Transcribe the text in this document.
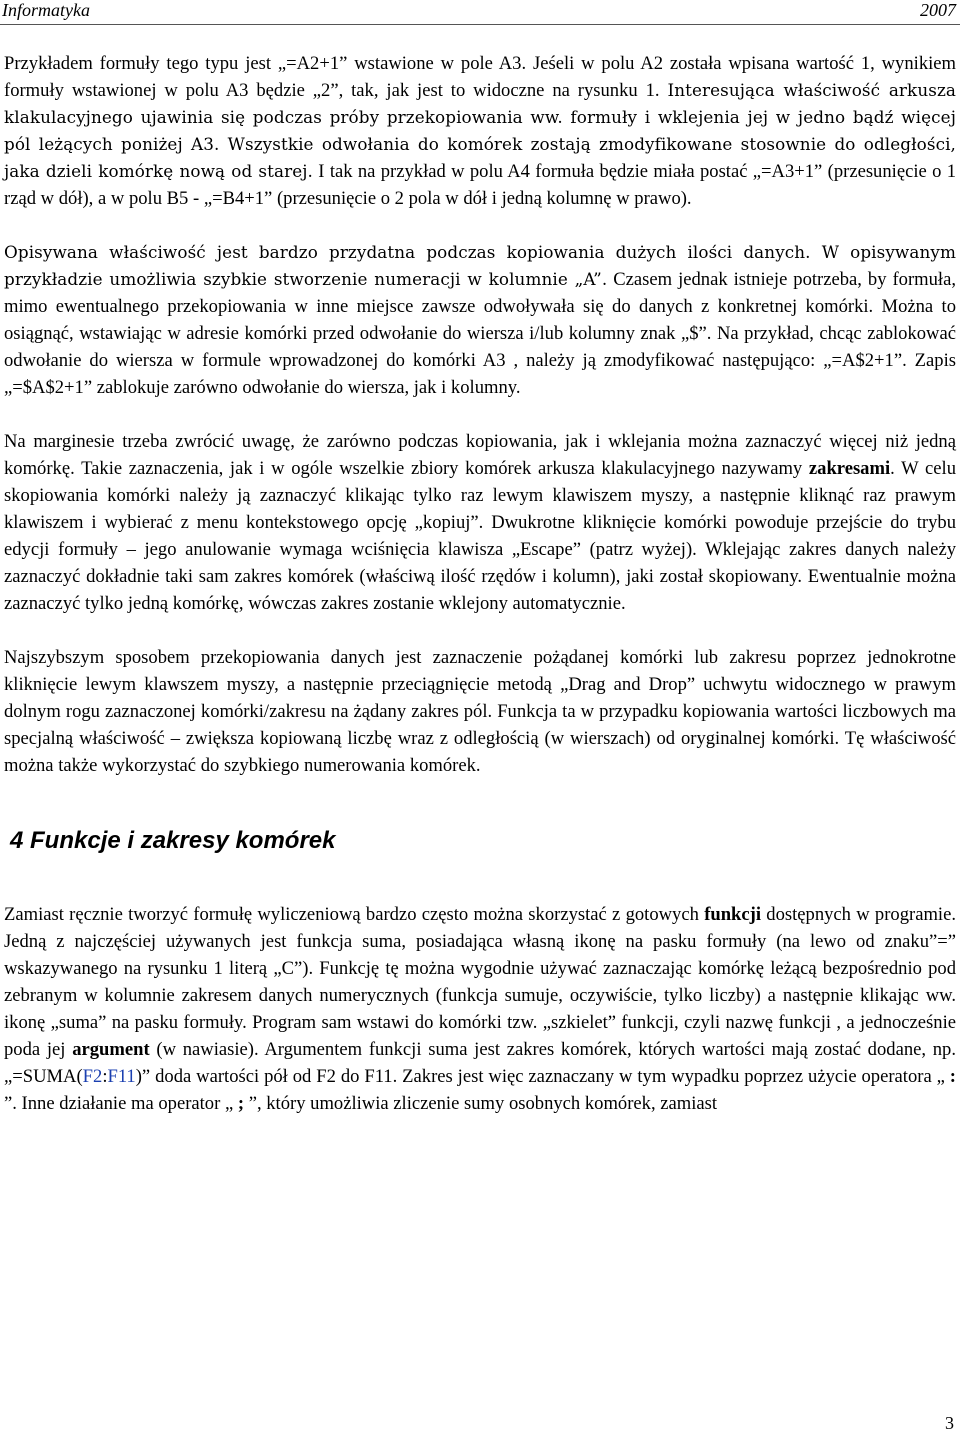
Informatyka	2007

Przykładem formuły tego typu jest „=A2+1” wstawione w pole A3. Jeśeli w polu A2 została wpisana wartość 1, wynikiem formuły wstawionej w polu A3 będzie „2”, tak, jak jest to widoczne na rysunku 1. Interesująca właściwość arkusza klakulacyjnego ujawinia się podczas próby przekopiowania ww. formuły i wklejenia jej w jedno bądź więcej pól leżących poniżej A3. Wszystkie odwołania do komórek zostają zmodyfikowane stosownie do odległości, jaka dzieli komórkę nową od starej. I tak na przykład w polu A4 formuła będzie miała postać „=A3+1” (przesunięcie o 1 rząd w dół), a w polu B5 - „=B4+1” (przesunięcie o 2 pola w dół i jedną kolumnę w prawo).

Opisywana właściwość jest bardzo przydatna podczas kopiowania dużych ilości danych. W opisywanym przykładzie umożliwia szybkie stworzenie numeracji w kolumnie „A”. Czasem jednak istnieje potrzeba, by formuła, mimo ewentualnego przekopiowania w inne miejsce zawsze odwoływała się do danych z konkretnej komórki. Można to osiągnąć, wstawiając w adresie komórki przed odwołanie do wiersza i/lub kolumny znak „$”. Na przykład, chcąc zablokować odwołanie do wiersza w formule wprowadzonej do komórki A3 , należy ją zmodyfikować następująco: „=A$2+1”. Zapis „=$A$2+1” zablokuje zarówno odwołanie do wiersza, jak i kolumny.

Na marginesie trzeba zwrócić uwagę, że zarówno podczas kopiowania, jak i wklejania można zaznaczyć więcej niż jedną komórkę. Takie zaznaczenia, jak i w ogóle wszelkie zbiory komórek arkusza klakulacyjnego nazywamy zakresami. W celu skopiowania komórki należy ją zaznaczyć klikając tylko raz lewym klawiszem myszy, a następnie kliknąć raz prawym klawiszem i wybierać z menu kontekstowego opcję „kopiuj”. Dwukrotne kliknięcie komórki powoduje przejście do trybu edycji formuły – jego anulowanie wymaga wciśnięcia klawisza „Escape” (patrz wyżej). Wklejając zakres danych należy zaznaczyć dokładnie taki sam zakres komórek (właściwą ilość rzędów i kolumn), jaki został skopiowany. Ewentualnie można zaznaczyć tylko jedną komórkę, wówczas zakres zostanie wklejony automatycznie.

Najszybszym sposobem przekopiowania danych jest zaznaczenie pożądanej komórki lub zakresu poprzez jednokrotne kliknięcie lewym klawszem myszy, a następnie przeciągnięcie metodą „Drag and Drop” uchwytu widocznego w prawym dolnym rogu zaznaczonej komórki/zakresu na żądany zakres pól. Funkcja ta w przypadku kopiowania wartości liczbowych ma specjalną właściwość – zwiększa kopiowaną liczbę wraz z odległością (w wierszach) od oryginalnej komórki. Tę właściwość można także wykorzystać do szybkiego numerowania komórek.

4 Funkcje i zakresy komórek

Zamiast ręcznie tworzyć formułę wyliczeniową bardzo często można skorzystać z gotowych funkcji dostępnych w programie. Jedną z najczęściej używanych jest funkcja suma, posiadająca własną ikonę na pasku formuły (na lewo od znaku”=” wskazywanego na rysunku 1 literą „C”). Funkcję tę można wygodnie używać zaznaczając komórkę leżącą bezpośrednio pod zebranym w kolumnie zakresem danych numerycznych (funkcja sumuje, oczywiście, tylko liczby) a następnie klikając ww. ikonę „suma” na pasku formuły. Program sam wstawi do komórki tzw. „szkielet” funkcji, czyli nazwę funkcji , a jednocześnie poda jej argument (w nawiasie). Argumentem funkcji suma jest zakres komórek, których wartości mają zostać dodane, np. „=SUMA(F2:F11)” doda wartości pół od F2 do F11. Zakres jest więc zaznaczany w tym wypadku poprzez użycie operatora „ : ”. Inne działanie ma operator „ ; ”, który umożliwia zliczenie sumy osobnych komórek, zamiast

3
